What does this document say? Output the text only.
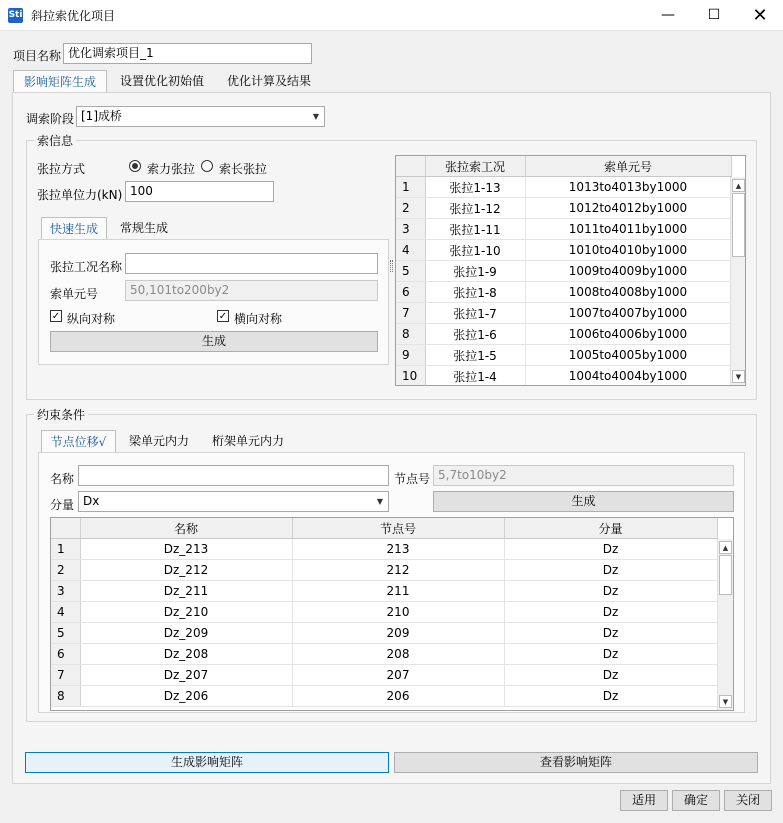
Sti 斜拉索优化项目	—	☐	✕
项目名称 优化调索项目_1
影响矩阵生成	设置优化初始值	优化计算及结果
调索阶段 [1]成桥	▼
索信息
张拉方式	索力张拉 索长张拉
张拉单位力(kN) 100
快速生成	常规生成
张拉工况名称
索单元号	50,101to200by2
✓ 纵向对称	✓ 横向对称
生成
	张拉索工况	索单元号
1	张拉1-13	1013to4013by1000
2	张拉1-12	1012to4012by1000
3	张拉1-11	1011to4011by1000
4	张拉1-10	1010to4010by1000
5	张拉1-9	1009to4009by1000
6	张拉1-8	1008to4008by1000
7	张拉1-7	1007to4007by1000
8	张拉1-6	1006to4006by1000
9	张拉1-5	1005to4005by1000
10	张拉1-4	1004to4004by1000
▲
▼
约束条件
节点位移√	梁单元内力	桁架单元内力
名称	节点号 5,7to10by2
分量 Dx	▼	生成
	名称	节点号	分量
1	Dz_213	213	Dz
2	Dz_212	212	Dz
3	Dz_211	211	Dz
4	Dz_210	210	Dz
5	Dz_209	209	Dz
6	Dz_208	208	Dz
7	Dz_207	207	Dz
8	Dz_206	206	Dz
▲
▼
生成影响矩阵	查看影响矩阵
适用	确定	关闭
